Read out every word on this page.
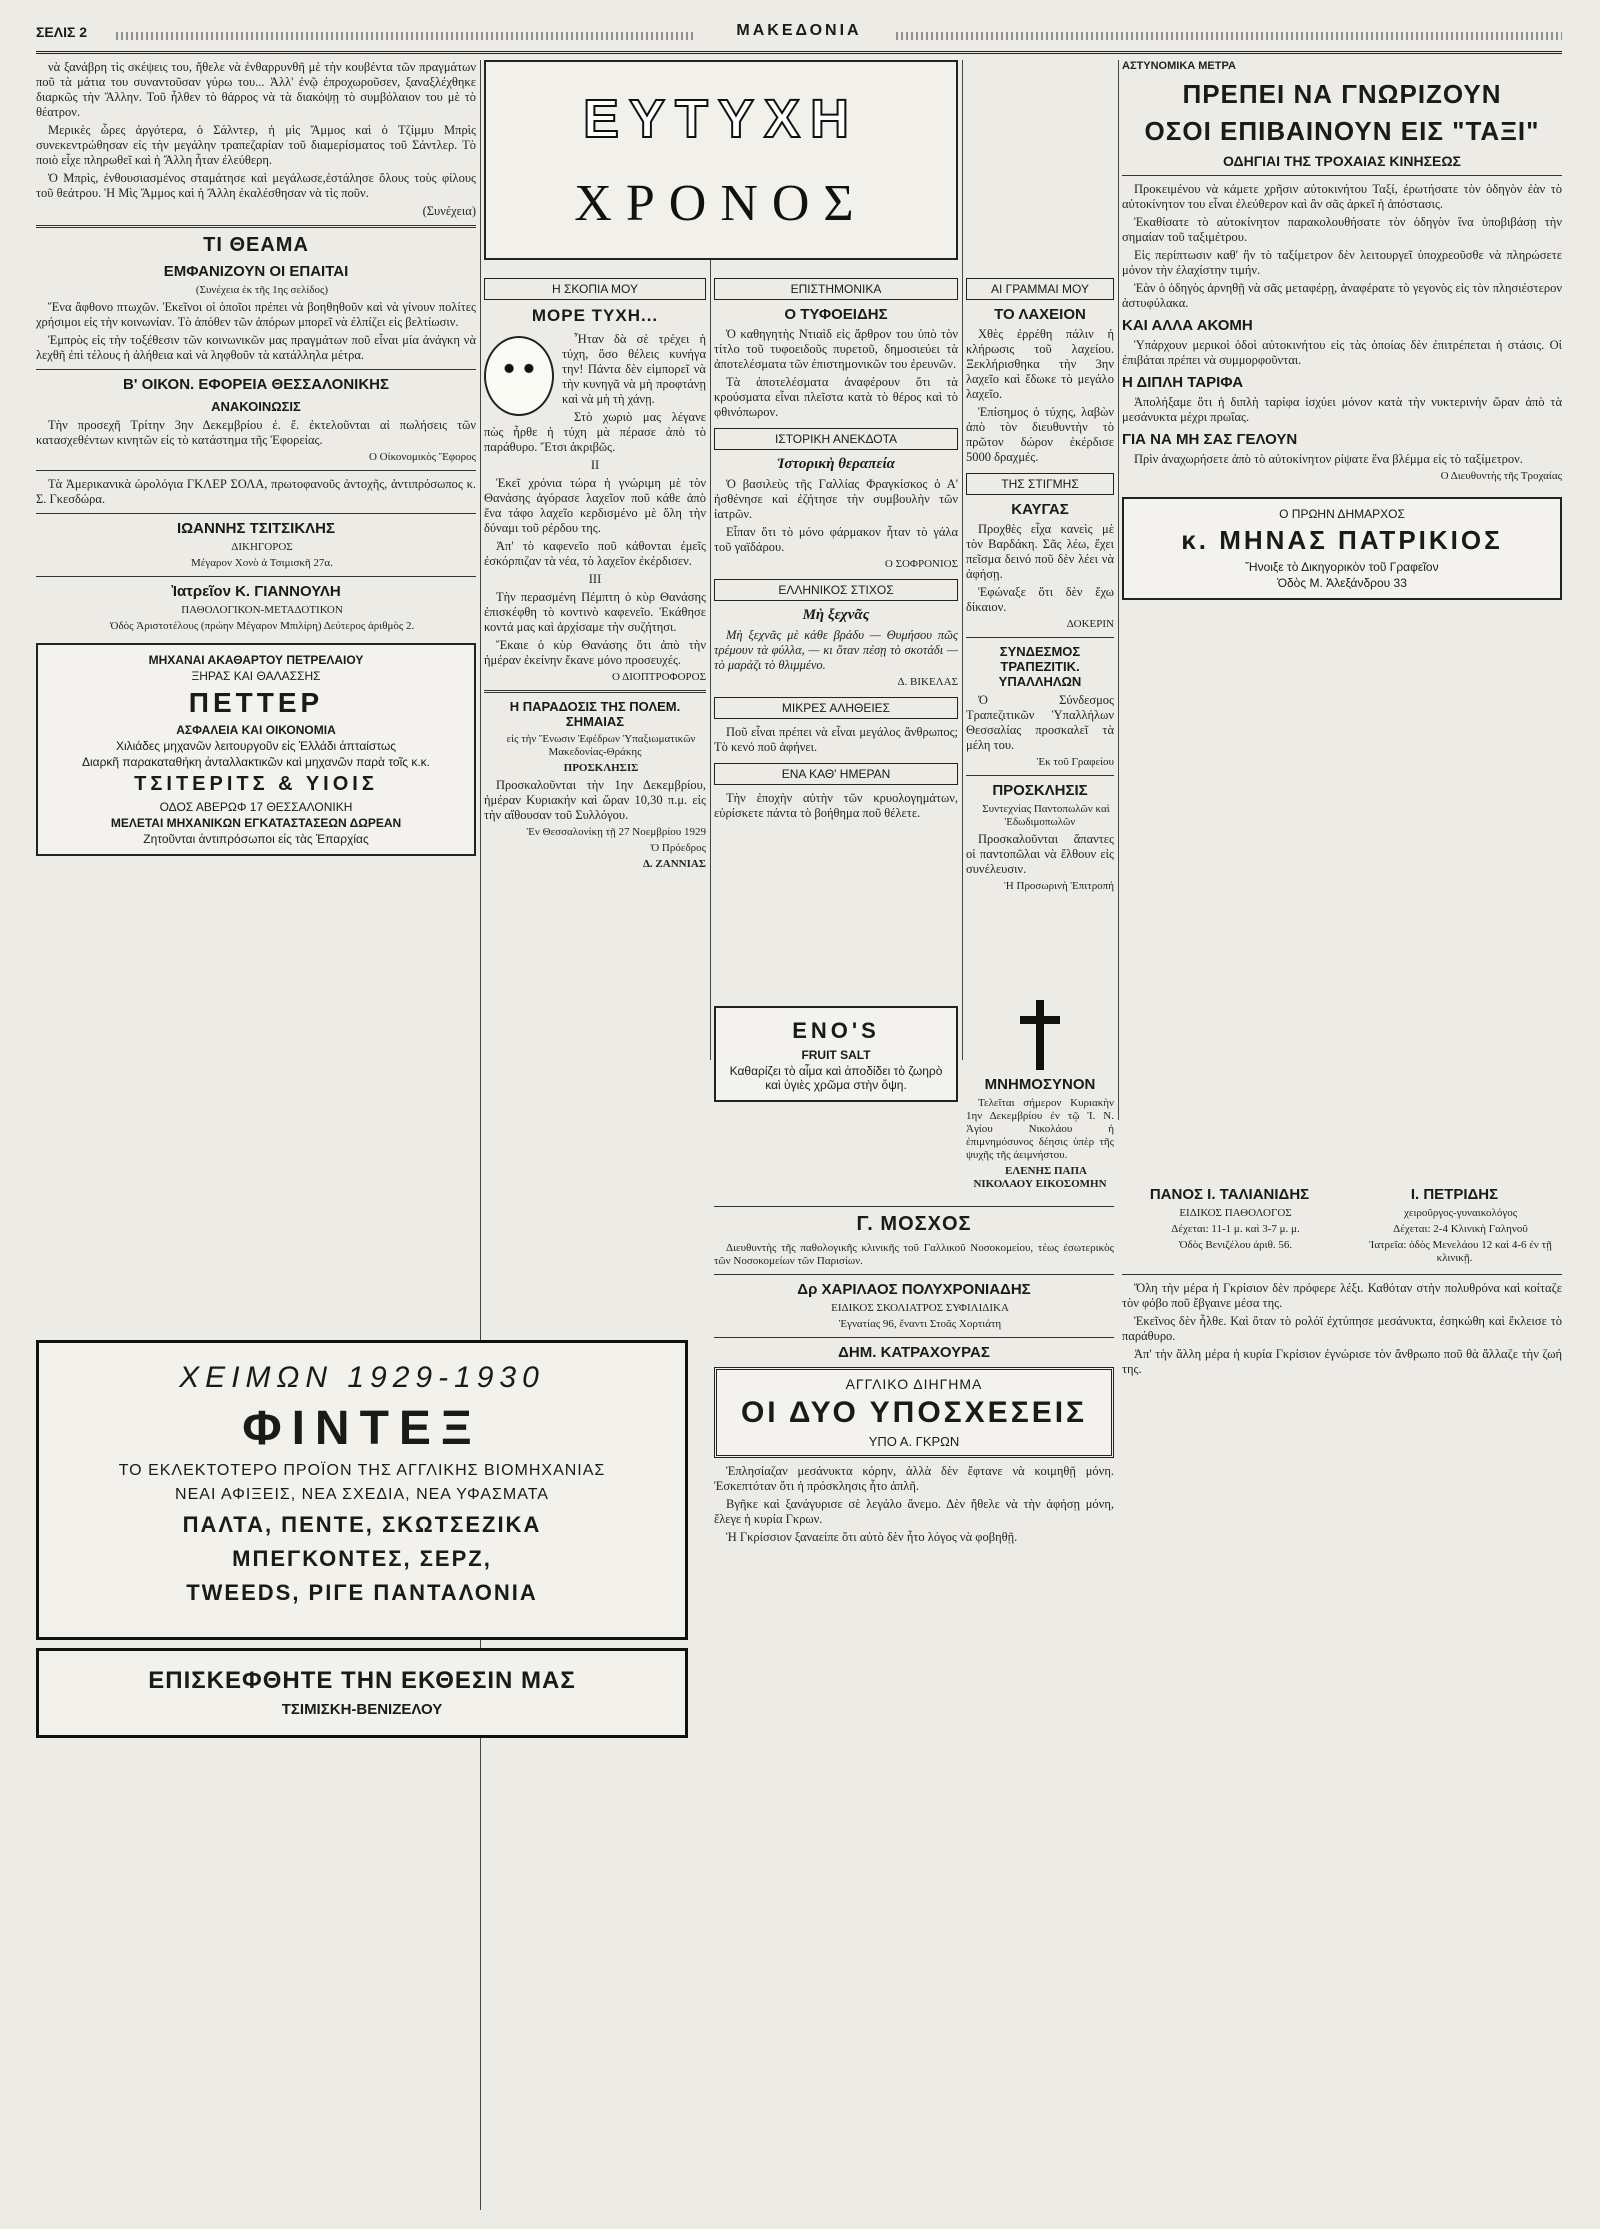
ΣΕΛΙΣ 2	ΜΑΚΕΔΟΝΙΑ
νὰ ξανάβρη τὶς σκέψεις του, ἤθελε νὰ ἐνθαρρυνθῆ μὲ τὴν κουβέντα τῶν πραγμάτων ποῦ τὰ μάτια του συναντοῦσαν γύρω του... Ἀλλ' ἐνῷ ἐπροχωροῦσεν, ξαναξλέχθηκε διαρκῶς τὴν Ἄλλην. Τοῦ ἦλθεν τὸ θάρρος νὰ τὰ διακόψῃ τὸ συμβόλαιον του μὲ τὸ θέατρον.
Μερικὲς ὧρες ἀργότερα, ὁ Σάλντερ, ἡ μὶς Ἄμμος καὶ ὁ Τζίμμυ Μπρὶς συνεκεντρώθησαν εἰς τὴν μεγάλην τραπεζαρίαν τοῦ διαμερίσματος τοῦ Σάντλερ. Τὸ ποιὸ εἶχε πληρωθεῖ καὶ ἡ Ἄλλη ἦταν ἐλεύθερη.
Ὁ Μπρὶς, ἐνθουσιασμένος σταμάτησε καὶ μεγάλωσε,ἐστάλησε ὅλους τοὺς φίλους τοῦ θεάτρου. Ἡ Μὶς Ἄμμος καὶ ἡ Ἄλλη ἐκαλέσθησαν νὰ τὶς ποῦν.
(Συνέχεια)
ΤΙ ΘΕΑΜΑ
ΕΜΦΑΝΙΖΟΥΝ ΟΙ ΕΠΑΙΤΑΙ
(Συνέχεια ἐκ τῆς 1ης σελίδος)
Ἕνα ἄφθονο πτωχῶν. Ἐκεῖνοι οἱ ὁποῖοι πρέπει νὰ βοηθηθοῦν καὶ νὰ γίνουν πολίτες χρήσιμοι εἰς τὴν κοινωνίαν. Τὸ ἀπόθεν τῶν ἀπόρων μπορεῖ νὰ ἐλπίζει εἰς βελτίωσιν.
Ἐμπρὸς εἰς τὴν τοξέθεσιν τῶν κοινωνικῶν μας πραγμάτων ποῦ εἶναι μία ἀνάγκη νὰ λεχθῆ ἐπὶ τέλους ἡ ἀλήθεια καὶ νὰ ληφθοῦν τὰ κατάλληλα μέτρα.
Β' ΟΙΚΟΝ. ΕΦΟΡΕΙΑ ΘΕΣΣΑΛΟΝΙΚΗΣ
ΑΝΑΚΟΙΝΩΣΙΣ
Τὴν προσεχῆ Τρίτην 3ην Δεκεμβρίου ἐ. ἔ. ἐκτελοῦνται αἱ πωλήσεις τῶν κατασχεθέντων κινητῶν εἰς τὸ κατάστημα τῆς Ἐφορείας.
Ο Οἰκονομικὸς Ἔφορος
Τὰ Ἀμερικανικὰ ὡρολόγια ΓΚΛΕΡ ΣΟΛΑ, πρωτοφανοῦς ἀντοχῆς, ἀντιπρόσωπος κ. Σ. Γκεσδώρα.
ΙΩΑΝΝΗΣ ΤΣΙΤΣΙΚΛΗΣ
ΔΙΚΗΓΟΡΟΣ
Μέγαρον Χονὸ ἀ Τσιμισκῆ 27α.
Ἰατρεῖον Κ. ΓΙΑΝΝΟΥΛΗ
ΠΑΘΟΛΟΓΙΚΟΝ-ΜΕΤΑΔΟΤΙΚΟΝ
Ὁδὸς Ἀριστοτέλους (πρώην Μέγαρον Μπιλίρη) Δεύτερος ἀριθμὸς 2.
ΜΗΧΑΝΑΙ ΑΚΑΘΑΡΤΟΥ ΠΕΤΡΕΛΑΙΟΥ
ΞΗΡΑΣ ΚΑΙ ΘΑΛΑΣΣΗΣ
ΠΕΤΤΕΡ
ΑΣΦΑΛΕΙΑ ΚΑΙ ΟΙΚΟΝΟΜΙΑ
Χιλιάδες μηχανῶν λειτουργοῦν εἰς Ἑλλάδι ἀπταίστως
Διαρκῆ παρακαταθήκη ἀνταλλακτικῶν καὶ μηχανῶν παρὰ τοῖς κ.κ.
ΤΣΙΤΕΡΙΤΣ & ΥΙΟΙΣ
ΟΔΟΣ ΑΒΕΡΩΦ 17 ΘΕΣΣΑΛΟΝΙΚΗ
ΜΕΛΕΤΑΙ ΜΗΧΑΝΙΚΩΝ ΕΓΚΑΤΑΣΤΑΣΕΩΝ ΔΩΡΕΑΝ
Ζητοῦνται ἀντιπρόσωποι εἰς τὰς Ἐπαρχίας
ΕΥΤΥΧΗ
ΧΡΟΝΟΣ
Η ΣΚΟΠΙΑ ΜΟΥ
ΜΟΡΕ ΤΥΧΗ...
Ἦταν δὰ σὲ τρέχει ἡ τύχη, ὅσο θέλεις κυνήγα την! Πάντα δὲν εἰμπορεῖ νὰ τὴν κυνηγᾶ νὰ μὴ προφτάνῃ καὶ νὰ μὴ τὴ χάνῃ.
Στὸ χωριὸ μας λέγανε πὼς ἦρθε ἡ τύχη μὰ πέρασε ἀπὸ τὸ παράθυρο. Ἔτσι ἀκριβῶς.
II
Ἐκεῖ χρόνια τώρα ἡ γνώριμη μὲ τὸν Θανάσης ἀγόρασε λαχεῖον ποῦ κάθε ἀπὸ ἕνα τάφο λαχεῖο κερδισμένο μὲ ὅλη τὴν δύναμι τοῦ ρέρδου της.
Ἀπ' τὸ καφενεῖο ποῦ κάθονται ἐμεῖς ἐσκόρπιζαν τὰ νέα, τὸ λαχεῖον ἐκέρδισεν.
III
Τὴν περασμένη Πέμπτη ὁ κὺρ Θανάσης ἐπισκέφθη τὸ κοντινὸ καφενεῖο. Ἐκάθησε κοντά μας καὶ ἀρχίσαμε τὴν συζήτησι.
Ἔκαιε ὁ κὺρ Θανάσης ὅτι ἀπὸ τὴν ἡμέραν ἐκείνην ἔκανε μόνο προσευχές.
Ο ΔΙΟΠΤΡΟΦΟΡΟΣ
Η ΠΑΡΑΔΟΣΙΣ ΤΗΣ ΠΟΛΕΜ. ΣΗΜΑΙΑΣ
εἰς τὴν Ἕνωσιν Ἐφέδρων Ὑπαξιωματικῶν Μακεδονίας-Θράκης
ΠΡΟΣΚΛΗΣΙΣ
Προσκαλοῦνται τὴν 1ην Δεκεμβρίου, ἡμέραν Κυριακήν καὶ ὥραν 10,30 π.μ. εἰς τὴν αἴθουσαν τοῦ Συλλόγου.
Ἐν Θεσσαλονίκῃ τῇ 27 Νοεμβρίου 1929
Ὁ Πρόεδρος
Δ. ΖΑΝΝΙΑΣ
ΕΠΙΣΤΗΜΟΝΙΚΑ
Ο ΤΥΦΟΕΙΔΗΣ
Ὁ καθηγητὴς Ντιαὶδ εἰς ἄρθρον του ὑπὸ τὸν τίτλο τοῦ τυφοειδοῦς πυρετοῦ, δημοσιεύει τὰ ἀποτελέσματα τῶν ἐπιστημονικῶν του ἐρευνῶν.
Τὰ ἀποτελέσματα ἀναφέρουν ὅτι τὰ κρούσματα εἶναι πλεῖστα κατὰ τὸ θέρος καὶ τὸ φθινόπωρον.
ΙΣΤΟΡΙΚΗ ΑΝΕΚΔΟΤΑ
Ἱστορικὴ θεραπεία
Ὁ βασιλεὺς τῆς Γαλλίας Φραγκίσκος ὁ Α' ἠσθένησε καὶ ἐζήτησε τὴν συμβουλὴν τῶν ἰατρῶν.
Εἶπαν ὅτι τὸ μόνο φάρμακον ἦταν τὸ γάλα τοῦ γαϊδάρου.
Ο ΣΟΦΡΟΝΙΟΣ
ΕΛΛΗΝΙΚΟΣ ΣΤΙΧΟΣ
Μὴ ξεχνᾶς
Μὴ ξεχνᾶς μὲ κάθε βράδυ — Θυμήσου πῶς τρέμουν τὰ φύλλα, — κι ὅταν πέσῃ τὸ σκοτάδι — τὸ μαράζι τὸ θλιμμένο.
Δ. ΒΙΚΕΛΑΣ
ΜΙΚΡΕΣ ΑΛΗΘΕΙΕΣ
Ποῦ εἶναι πρέπει νὰ εἶναι μεγάλος ἄνθρωπος; Τὸ κενό ποῦ ἀφήνει.
ΕΝΑ ΚΑΘ' ΗΜΕΡΑΝ
Τὴν ἐποχὴν αὐτὴν τῶν κρυολογημάτων, εὑρίσκετε πάντα τὸ βοήθημα ποῦ θέλετε.
ΑΙ ΓΡΑΜΜΑΙ ΜΟΥ
ΤΟ ΛΑΧΕΙΟΝ
Χθὲς ἐρρέθη πάλιν ἡ κλήρωσις τοῦ λαχείου. Ξεκλήρισθηκα τὴν 3ην λαχεῖο καὶ ἔδωκε τὸ μεγάλο λαχεῖο.
Ἐπίσημος ὁ τύχης, λαβὼν ἀπὸ τὸν διευθυντὴν τὸ πρῶτον δώρον ἐκέρδισε 5000 δραχμές.
ΤΗΣ ΣΤΙΓΜΗΣ
ΚΑΥΓΑΣ
Προχθὲς εἶχα κανεὶς μὲ τὸν Βαρδάκη. Σᾶς λέω, ἔχει πεῖσμα δεινό ποῦ δὲν λέει νὰ ἀφήσῃ.
Ἐφώναξε ὅτι δὲν ἔχω δίκαιον.
ΔΟΚΕΡΙΝ
ΣΥΝΔΕΣΜΟΣ ΤΡΑΠΕΖΙΤΙΚ. ΥΠΑΛΛΗΛΩΝ
Ὁ Σύνδεσμος Τραπεζιτικῶν Ὑπαλλήλων Θεσσαλίας προσκαλεῖ τὰ μέλη του.
Ἐκ τοῦ Γραφείου
ΠΡΟΣΚΛΗΣΙΣ
Συντεχνίας Παντοπωλῶν καὶ Ἐδωδιμοπωλῶν
Προσκαλοῦνται ἅπαντες οἱ παντοπῶλαι νὰ ἔλθουν εἰς συνέλευσιν.
Ἡ Προσωρινὴ Ἐπιτροπή
ΜΝΗΜΟΣΥΝΟΝ
Τελεῖται σήμερον Κυριακὴν 1ην Δεκεμβρίου ἐν τῷ Ἱ. Ν. Ἁγίου Νικολάου ἡ ἐπιμνημόσυνος δέησις ὑπὲρ τῆς ψυχῆς τῆς ἀειμνήστου.
ΕΛΕΝΗΣ ΠΑΠΑ ΝΙΚΟΛΑΟΥ ΕΙΚΟΣΟΜΗΝ
ΑΣΤΥΝΟΜΙΚΑ ΜΕΤΡΑ
ΠΡΕΠΕΙ ΝΑ ΓΝΩΡΙΖΟΥΝ
ΟΣΟΙ ΕΠΙΒΑΙΝΟΥΝ ΕΙΣ "ΤΑΞΙ"
ΟΔΗΓΙΑΙ ΤΗΣ ΤΡΟΧΑΙΑΣ ΚΙΝΗΣΕΩΣ
Προκειμένου νὰ κάμετε χρῆσιν αὐτοκινήτου Ταξί, ἐρωτήσατε τὸν ὁδηγὸν ἐὰν τὸ αὐτοκίνητον του εἶναι ἐλεύθερον καὶ ἂν σᾶς ἀρκεῖ ἡ ἀπόστασις.
Ἐκαθίσατε τὸ αὐτοκίνητον παρακολουθήσατε τὸν ὁδηγὸν ἵνα ὑποβιβάσῃ τὴν σημαίαν τοῦ ταξιμέτρου.
Εἰς περίπτωσιν καθ' ἣν τὸ ταξίμετρον δὲν λειτουργεῖ ὑποχρεοῦσθε νὰ πληρώσετε μόνον τὴν ἐλαχίστην τιμήν.
Ἐὰν ὁ ὁδηγὸς ἀρνηθῇ νὰ σᾶς μεταφέρῃ, ἀναφέρατε τὸ γεγονὸς εἰς τὸν πλησιέστερον ἀστυφύλακα.
ΚΑΙ ΑΛΛΑ ΑΚΟΜΗ
Ὑπάρχουν μερικοὶ ὁδοὶ αὐτοκινήτου εἰς τὰς ὁποίας δὲν ἐπιτρέπεται ἡ στάσις. Οἱ ἐπιβάται πρέπει νὰ συμμορφοῦνται.
Η ΔΙΠΛΗ ΤΑΡΙΦΑ
Ἀπολήξαμε ὅτι ἡ διπλὴ ταρίφα ἰσχύει μόνον κατὰ τὴν νυκτερινὴν ὥραν ἀπὸ τὰ μεσάνυκτα μέχρι πρωΐας.
ΓΙΑ ΝΑ ΜΗ ΣΑΣ ΓΕΛΟΥΝ
Πρὶν ἀναχωρήσετε ἀπὸ τὸ αὐτοκίνητον ρίψατε ἕνα βλέμμα εἰς τὸ ταξίμετρον.
Ο Διευθυντὴς τῆς Τροχαίας
Ο ΠΡΩΗΝ ΔΗΜΑΡΧΟΣ
κ. ΜΗΝΑΣ ΠΑΤΡΙΚΙΟΣ
Ἤνοιξε τὸ Δικηγορικὸν τοῦ Γραφεῖον
Ὁδὸς Μ. Ἀλεξάνδρου 33
ENO'S
FRUIT SALT
Καθαρίζει τὸ αἷμα καὶ ἀποδίδει τὸ ζωηρὸ καὶ ὑγιὲς χρῶμα στὴν ὄψη.
ΧΕΙΜΩΝ 1929-1930
ΦΙΝΤΕΞ
ΤΟ ΕΚΛΕΚΤΟΤΕΡΟ ΠΡΟΪΟΝ ΤΗΣ ΑΓΓΛΙΚΗΣ ΒΙΟΜΗΧΑΝΙΑΣ
ΝΕΑΙ ΑΦΙΞΕΙΣ, ΝΕΑ ΣΧΕΔΙΑ, ΝΕΑ ΥΦΑΣΜΑΤΑ
ΠΑΛΤΑ, ΠΕΝΤΕ, ΣΚΩΤΣΕΖΙΚΑ
ΜΠΕΓΚΟΝΤΕΣ, ΣΕΡΖ,
TWEEDS, ΡΙΓΕ ΠΑΝΤΑΛΟΝΙΑ
ΕΠΙΣΚΕΦΘΗΤΕ ΤΗΝ ΕΚΘΕΣΙΝ ΜΑΣ
ΤΣΙΜΙΣΚΗ-ΒΕΝΙΖΕΛΟΥ
Γ. ΜΟΣΧΟΣ
Διευθυντὴς τῆς παθολογικῆς κλινικῆς τοῦ Γαλλικοῦ Νοσοκομείου, τέως ἐσωτερικὸς τῶν Νοσοκομείων τῶν Παρισίων.
Δρ ΧΑΡΙΛΑΟΣ ΠΟΛΥΧΡΟΝΙΑΔΗΣ
ΕΙΔΙΚΟΣ ΣΚΟΛΙΑΤΡΟΣ ΣΥΦΙΛΙΔΙΚΑ
Ἐγνατίας 96, ἔναντι Στοᾶς Χορτιάτη
ΔΗΜ. ΚΑΤΡΑΧΟΥΡΑΣ
ΑΓΓΛΙΚΟ ΔΙΗΓΗΜΑ
ΟΙ ΔΥΟ ΥΠΟΣΧΕΣΕΙΣ
ΥΠΟ Α. ΓΚΡΩΝ
Ἐπλησίαζαν μεσάνυκτα κόρην, ἀλλὰ δὲν ἔφτανε νὰ κοιμηθῇ μόνη. Ἐσκεπτόταν ὅτι ἡ πρόσκλησις ἦτο ἀπλῆ.
Βγῆκε καὶ ξανάγυρισε σὲ λεγάλο ἄνεμο. Δὲν ἤθελε νὰ τὴν ἀφήσῃ μόνη, ἔλεγε ἡ κυρία Γκρων.
Ἡ Γκρίσσιον ξαναείπε ὅτι αὐτὸ δὲν ἦτο λόγος νὰ φοβηθῇ.
ΠΑΝΟΣ Ι. ΤΑΛΙΑΝΙΔΗΣ
ΕΙΔΙΚΟΣ ΠΑΘΟΛΟΓΟΣ
Δέχεται: 11-1 μ. καὶ 3-7 μ. μ.
Ὁδὸς Βενιζέλου ἀριθ. 56.
Ι. ΠΕΤΡΙΔΗΣ
χειροῦργος-γυναικολόγος
Δέχεται: 2-4 Κλινικὴ Γαληνοῦ
Ἰατρεῖα: ὁδὸς Μενελάου 12 καὶ 4-6 ἐν τῇ κλινικῇ.
Ὅλη τὴν μέρα ἡ Γκρίσιον δὲν πρόφερε λέξι. Καθόταν στὴν πολυθρόνα καὶ κοίταζε τὸν φόβο ποῦ ἔβγαινε μέσα της.
Ἐκεῖνος δὲν ἦλθε. Καὶ ὅταν τὸ ρολόϊ ἐχτύπησε μεσάνυκτα, ἐσηκώθη καὶ ἔκλεισε τὸ παράθυρο.
Ἀπ' τὴν ἄλλη μέρα ἡ κυρία Γκρίσιον ἐγνώρισε τὸν ἄνθρωπο ποῦ θὰ ἄλλαζε τὴν ζωή της.
